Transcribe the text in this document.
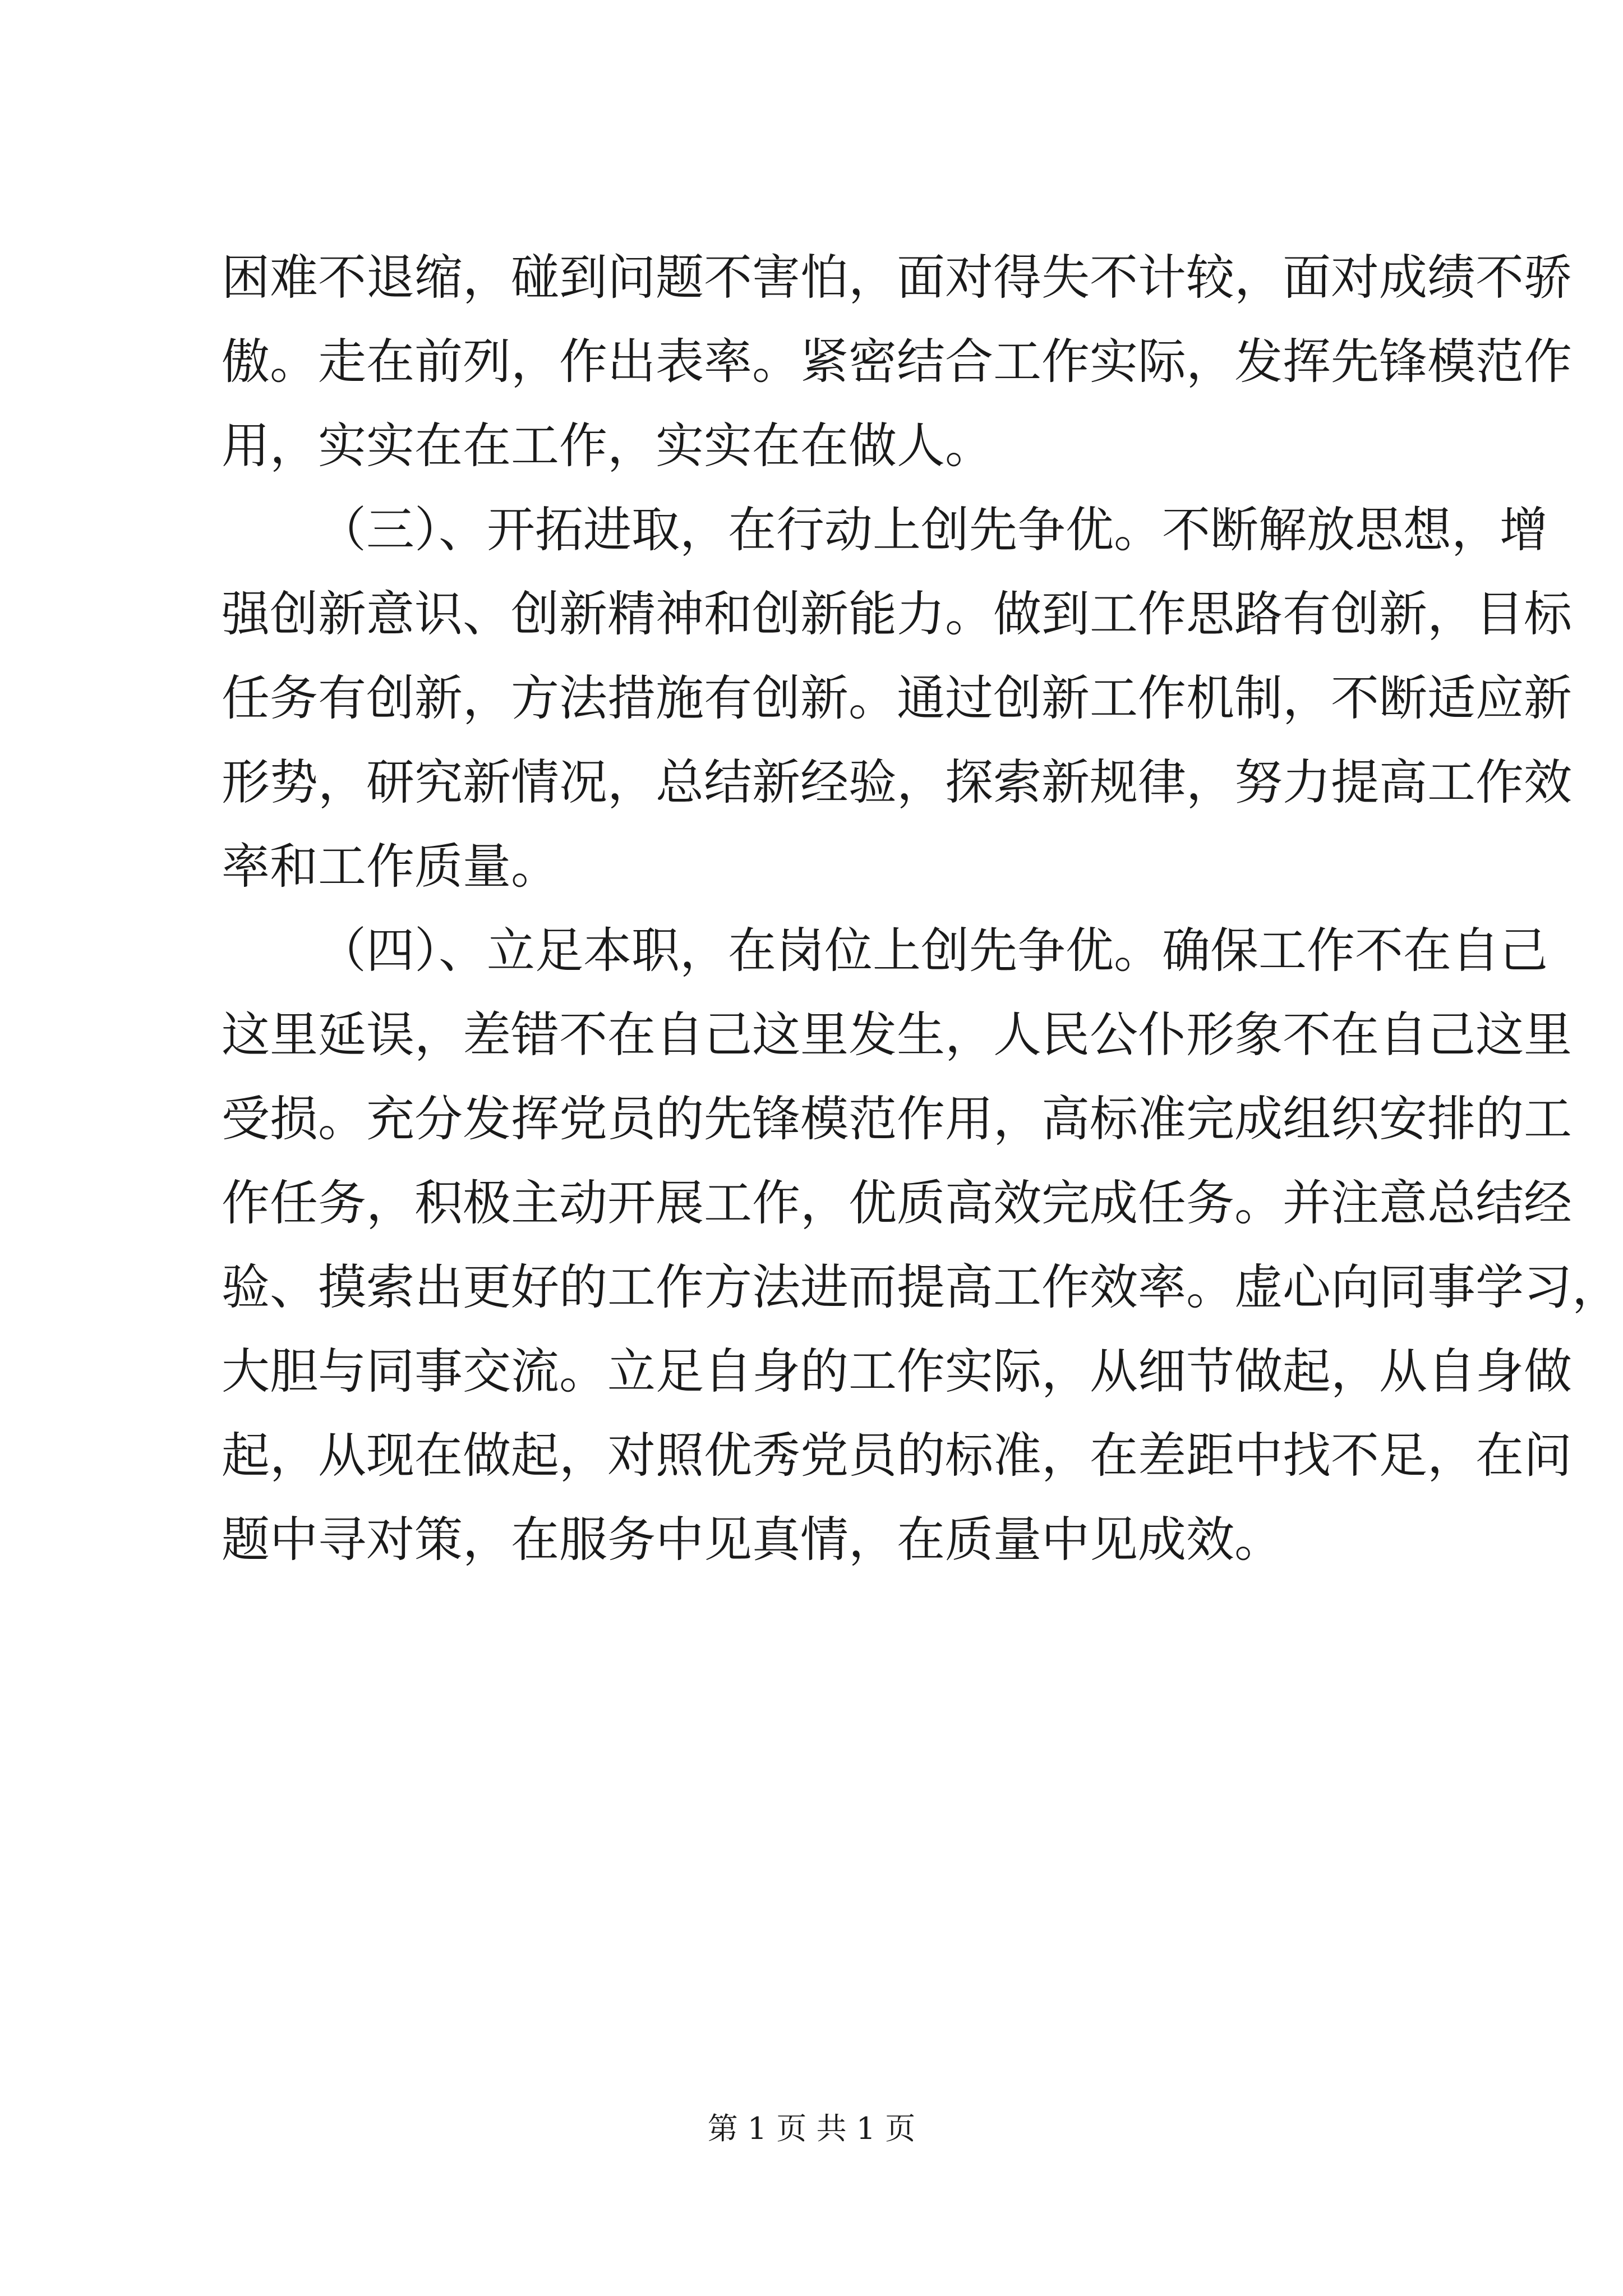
困难不退缩，碰到问题不害怕，面对得失不计较，面对成绩不骄
傲。走在前列，作出表率。紧密结合工作实际，发挥先锋模范作
用，实实在在工作，实实在在做人。
（三）、开拓进取，在行动上创先争优。不断解放思想，增
强创新意识、创新精神和创新能力。做到工作思路有创新，目标
任务有创新，方法措施有创新。通过创新工作机制，不断适应新
形势，研究新情况，总结新经验，探索新规律，努力提高工作效
率和工作质量。
（四）、立足本职，在岗位上创先争优。确保工作不在自己
这里延误，差错不在自己这里发生，人民公仆形象不在自己这里
受损。充分发挥党员的先锋模范作用，高标准完成组织安排的工
作任务，积极主动开展工作，优质高效完成任务。并注意总结经
验、摸索出更好的工作方法进而提高工作效率。虚心向同事学习，
大胆与同事交流。立足自身的工作实际，从细节做起，从自身做
起，从现在做起，对照优秀党员的标准，在差距中找不足，在问
题中寻对策，在服务中见真情，在质量中见成效。
第 1 页 共 1 页
